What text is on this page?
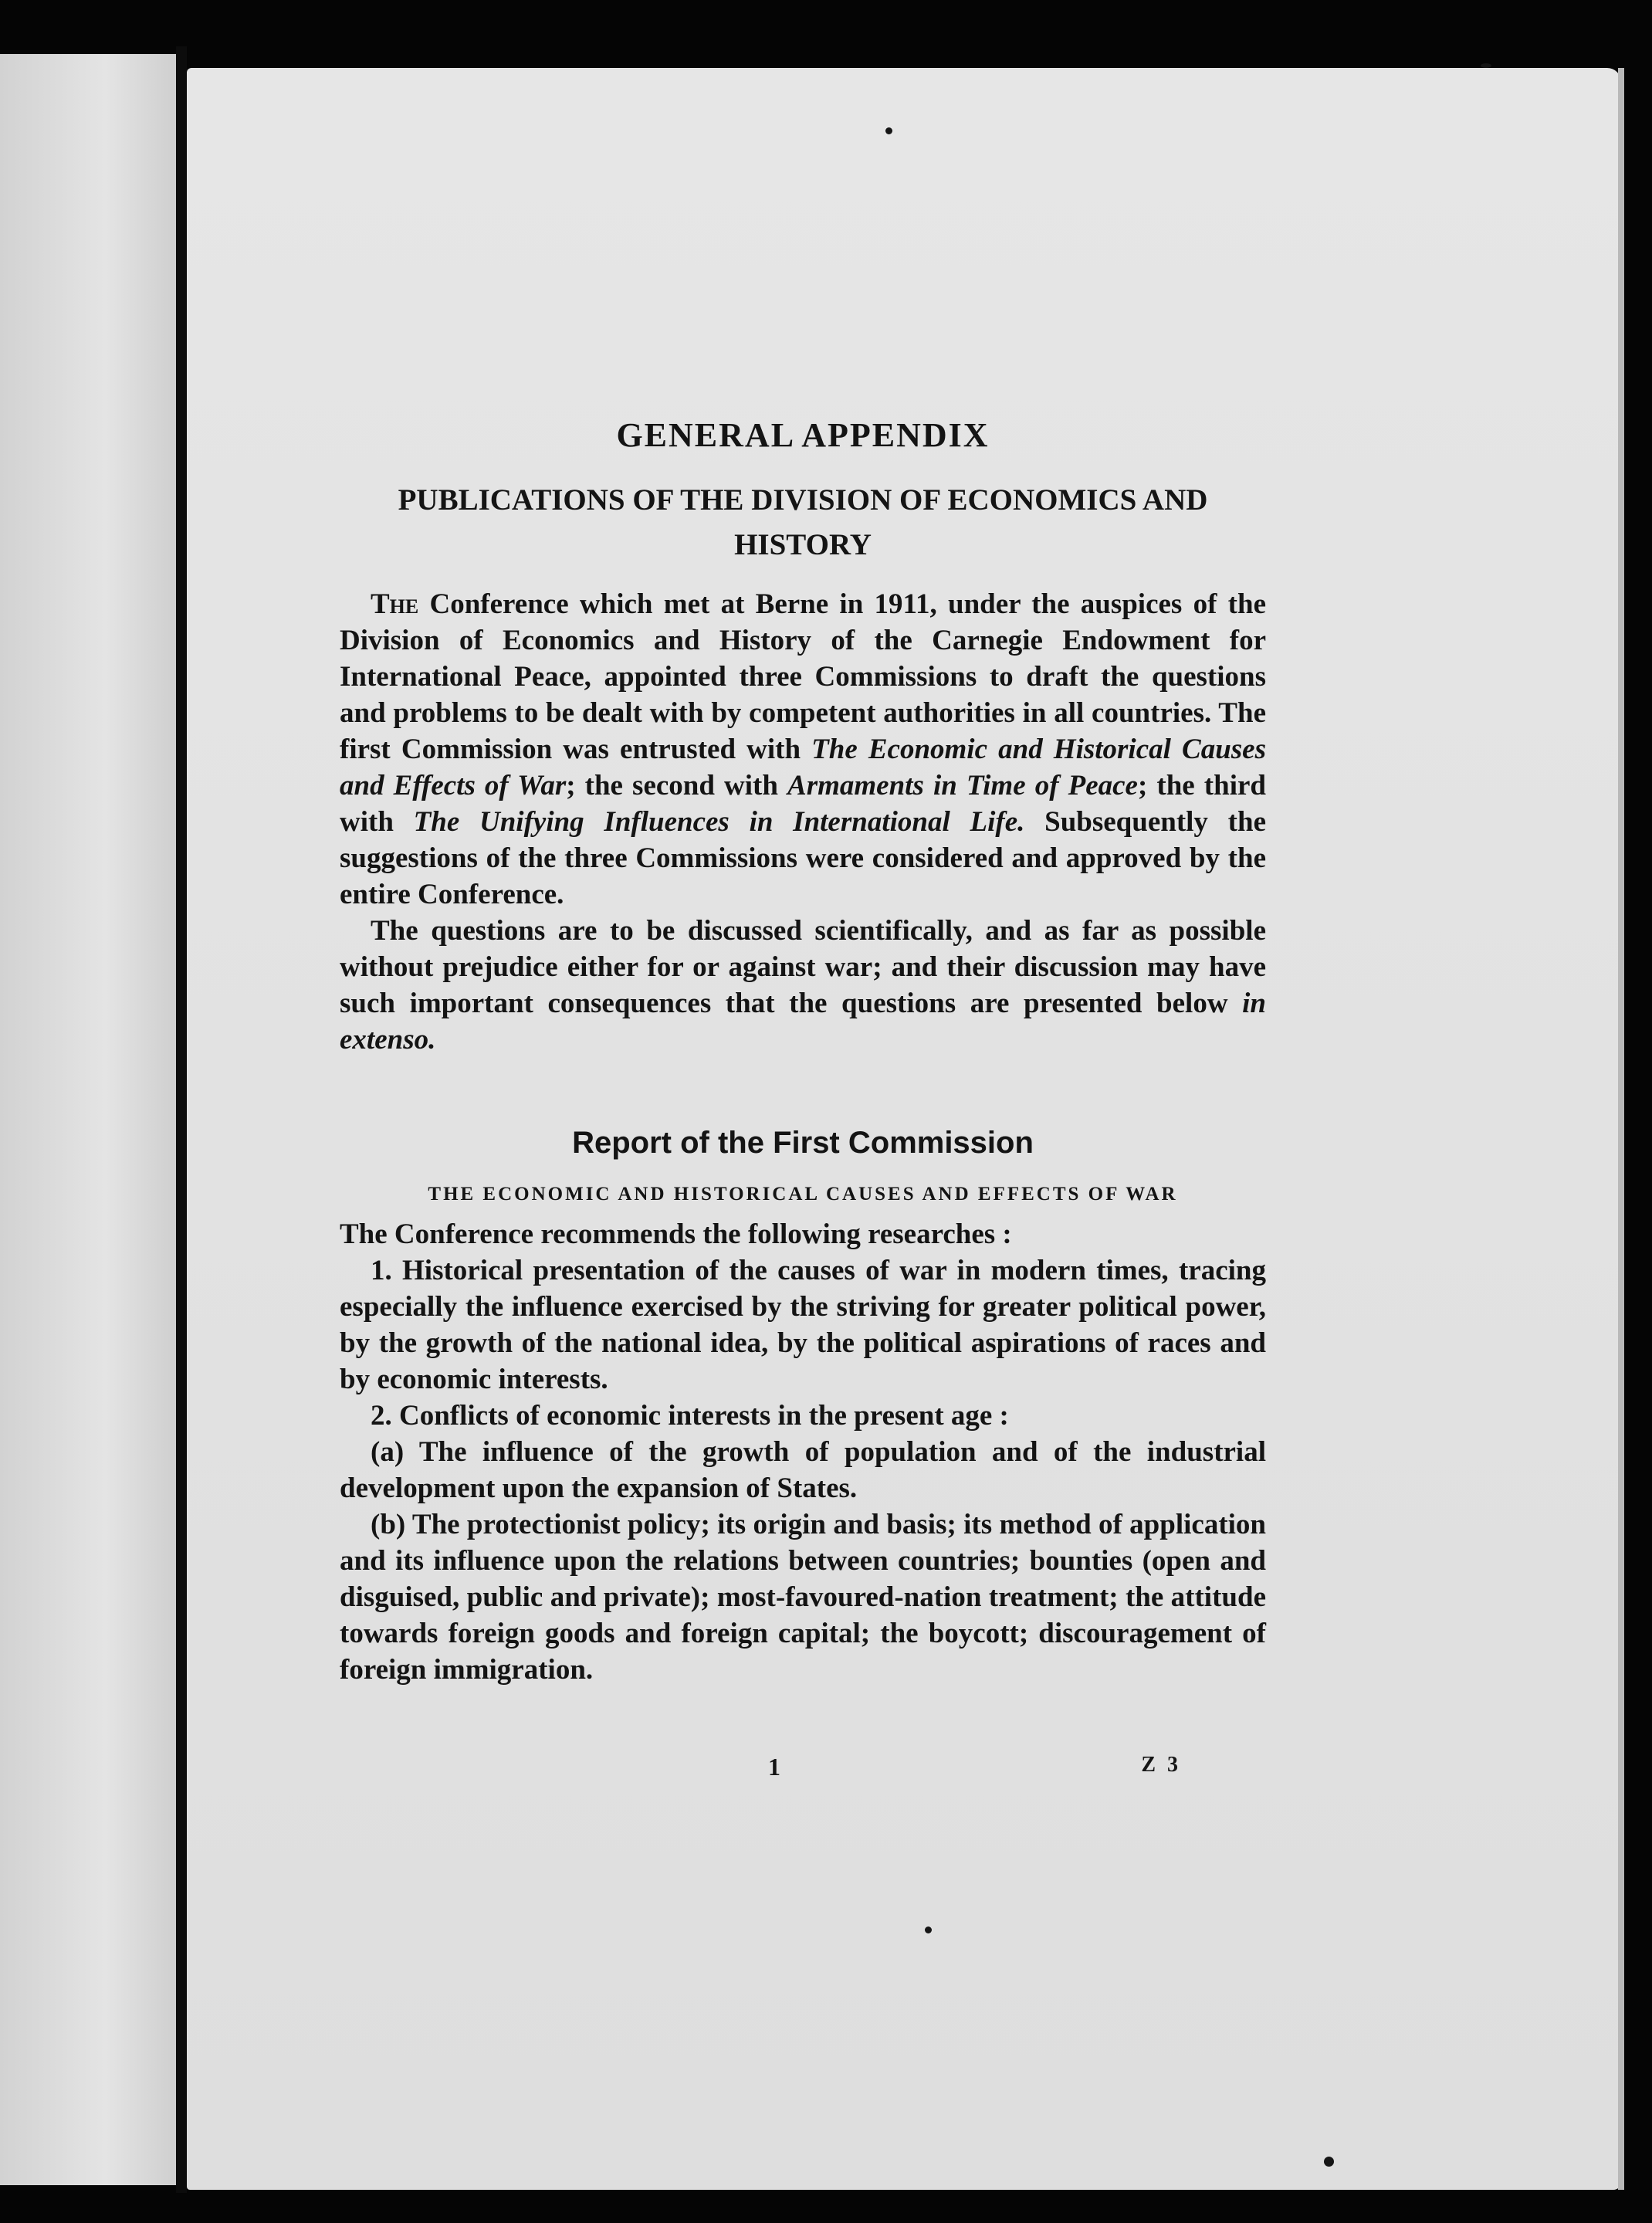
GENERAL APPENDIX
PUBLICATIONS OF THE DIVISION OF ECONOMICS AND HISTORY

The Conference which met at Berne in 1911, under the auspices of the Division of Economics and History of the Carnegie Endowment for International Peace, appointed three Commissions to draft the questions and problems to be dealt with by competent authorities in all countries. The first Commission was entrusted with The Economic and Historical Causes and Effects of War; the second with Armaments in Time of Peace; the third with The Unifying Influences in International Life. Subsequently the suggestions of the three Commissions were considered and approved by the entire Conference.

The questions are to be discussed scientifically, and as far as possible without prejudice either for or against war; and their discussion may have such important consequences that the questions are presented below in extenso.

Report of the First Commission
THE ECONOMIC AND HISTORICAL CAUSES AND EFFECTS OF WAR

The Conference recommends the following researches :

1. Historical presentation of the causes of war in modern times, tracing especially the influence exercised by the striving for greater political power, by the growth of the national idea, by the political aspirations of races and by economic interests.

2. Conflicts of economic interests in the present age :

(a) The influence of the growth of population and of the industrial development upon the expansion of States.

(b) The protectionist policy; its origin and basis; its method of application and its influence upon the relations between countries; bounties (open and disguised, public and private); most-favoured-nation treatment; the attitude towards foreign goods and foreign capital; the boycott; discouragement of foreign immigration.

1	Z 3
